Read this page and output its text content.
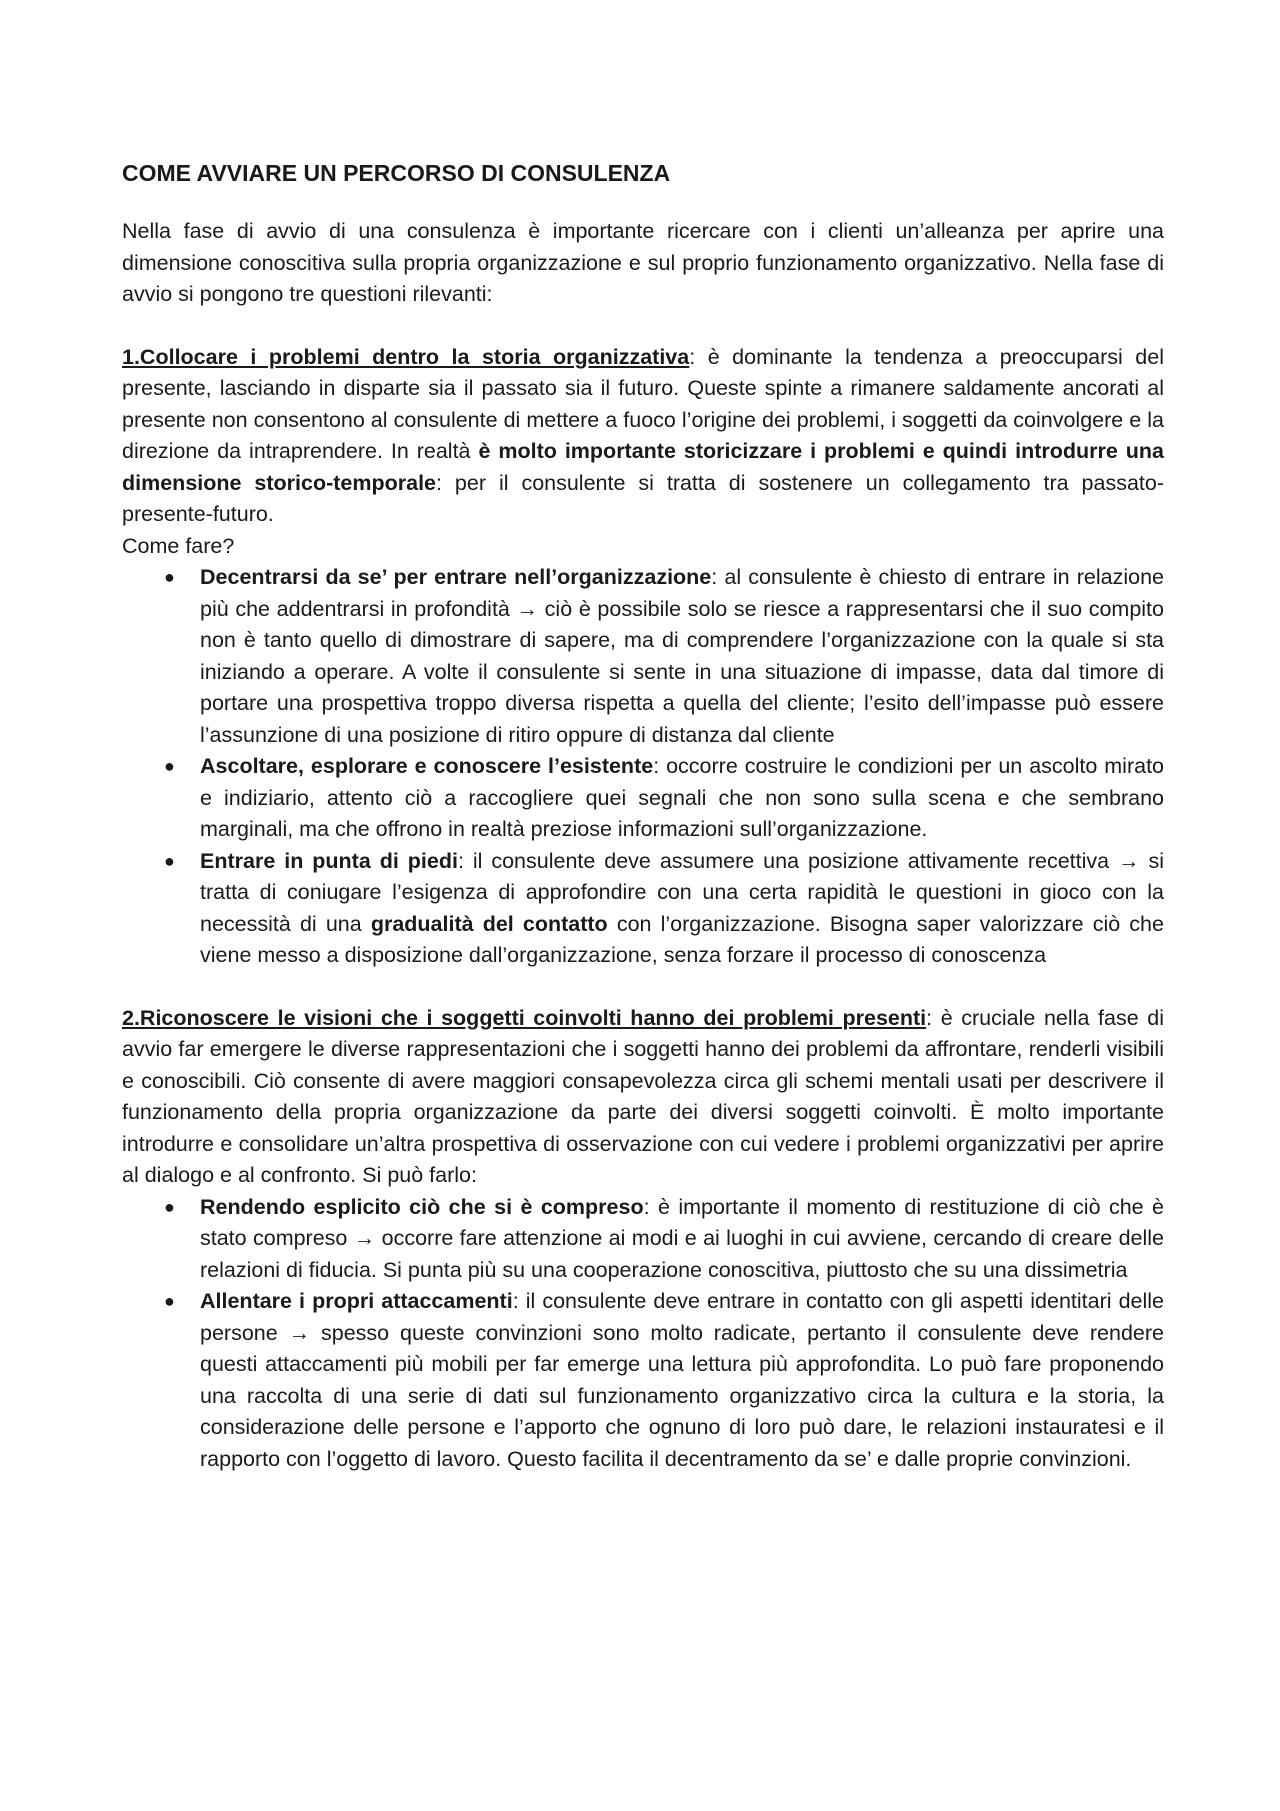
COME AVVIARE UN PERCORSO DI CONSULENZA

Nella fase di avvio di una consulenza è importante ricercare con i clienti un’alleanza per aprire una dimensione conoscitiva sulla propria organizzazione e sul proprio funzionamento organizzativo. Nella fase di avvio si pongono tre questioni rilevanti:

1.Collocare i problemi dentro la storia organizzativa: è dominante la tendenza a preoccuparsi del presente, lasciando in disparte sia il passato sia il futuro. Queste spinte a rimanere saldamente ancorati al presente non consentono al consulente di mettere a fuoco l’origine dei problemi, i soggetti da coinvolgere e la direzione da intraprendere. In realtà è molto importante storicizzare i problemi e quindi introdurre una dimensione storico-temporale: per il consulente si tratta di sostenere un collegamento tra passato-presente-futuro.

Come fare?

● Decentrarsi da se’ per entrare nell’organizzazione: al consulente è chiesto di entrare in relazione più che addentrarsi in profondità → ciò è possibile solo se riesce a rappresentarsi che il suo compito non è tanto quello di dimostrare di sapere, ma di comprendere l’organizzazione con la quale si sta iniziando a operare. A volte il consulente si sente in una situazione di impasse, data dal timore di portare una prospettiva troppo diversa rispetta a quella del cliente; l’esito dell’impasse può essere l’assunzione di una posizione di ritiro oppure di distanza dal cliente
● Ascoltare, esplorare e conoscere l’esistente: occorre costruire le condizioni per un ascolto mirato e indiziario, attento ciò a raccogliere quei segnali che non sono sulla scena e che sembrano marginali, ma che offrono in realtà preziose informazioni sull’organizzazione.
● Entrare in punta di piedi: il consulente deve assumere una posizione attivamente recettiva → si tratta di coniugare l’esigenza di approfondire con una certa rapidità le questioni in gioco con la necessità di una gradualità del contatto con l’organizzazione. Bisogna saper valorizzare ciò che viene messo a disposizione dall’organizzazione, senza forzare il processo di conoscenza

2.Riconoscere le visioni che i soggetti coinvolti hanno dei problemi presenti: è cruciale nella fase di avvio far emergere le diverse rappresentazioni che i soggetti hanno dei problemi da affrontare, renderli visibili e conoscibili. Ciò consente di avere maggiori consapevolezza circa gli schemi mentali usati per descrivere il funzionamento della propria organizzazione da parte dei diversi soggetti coinvolti. È molto importante introdurre e consolidare un’altra prospettiva di osservazione con cui vedere i problemi organizzativi per aprire al dialogo e al confronto. Si può farlo:

● Rendendo esplicito ciò che si è compreso: è importante il momento di restituzione di ciò che è stato compreso → occorre fare attenzione ai modi e ai luoghi in cui avviene, cercando di creare delle relazioni di fiducia. Si punta più su una cooperazione conoscitiva, piuttosto che su una dissimetria
● Allentare i propri attaccamenti: il consulente deve entrare in contatto con gli aspetti identitari delle persone → spesso queste convinzioni sono molto radicate, pertanto il consulente deve rendere questi attaccamenti più mobili per far emerge una lettura più approfondita. Lo può fare proponendo una raccolta di una serie di dati sul funzionamento organizzativo circa la cultura e la storia, la considerazione delle persone e l’apporto che ognuno di loro può dare, le relazioni instauratesi e il rapporto con l’oggetto di lavoro. Questo facilita il decentramento da se’ e dalle proprie convinzioni.
